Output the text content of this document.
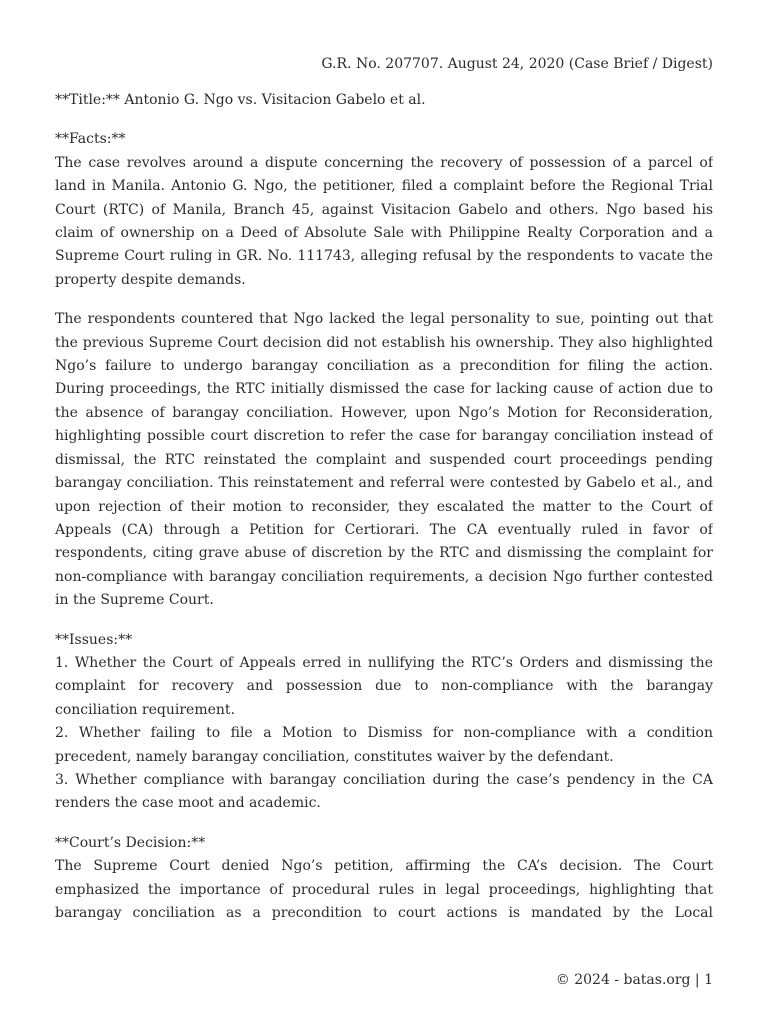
G.R. No. 207707. August 24, 2020 (Case Brief / Digest)

**Title:** Antonio G. Ngo vs. Visitacion Gabelo et al.

**Facts:**

The case revolves around a dispute concerning the recovery of possession of a parcel of land in Manila. Antonio G. Ngo, the petitioner, filed a complaint before the Regional Trial Court (RTC) of Manila, Branch 45, against Visitacion Gabelo and others. Ngo based his claim of ownership on a Deed of Absolute Sale with Philippine Realty Corporation and a Supreme Court ruling in GR. No. 111743, alleging refusal by the respondents to vacate the property despite demands.

The respondents countered that Ngo lacked the legal personality to sue, pointing out that the previous Supreme Court decision did not establish his ownership. They also highlighted Ngo’s failure to undergo barangay conciliation as a precondition for filing the action. During proceedings, the RTC initially dismissed the case for lacking cause of action due to the absence of barangay conciliation. However, upon Ngo’s Motion for Reconsideration, highlighting possible court discretion to refer the case for barangay conciliation instead of dismissal, the RTC reinstated the complaint and suspended court proceedings pending barangay conciliation. This reinstatement and referral were contested by Gabelo et al., and upon rejection of their motion to reconsider, they escalated the matter to the Court of Appeals (CA) through a Petition for Certiorari. The CA eventually ruled in favor of respondents, citing grave abuse of discretion by the RTC and dismissing the complaint for non-compliance with barangay conciliation requirements, a decision Ngo further contested in the Supreme Court.

**Issues:**

1. Whether the Court of Appeals erred in nullifying the RTC’s Orders and dismissing the complaint for recovery and possession due to non-compliance with the barangay conciliation requirement.

2. Whether failing to file a Motion to Dismiss for non-compliance with a condition precedent, namely barangay conciliation, constitutes waiver by the defendant.

3. Whether compliance with barangay conciliation during the case’s pendency in the CA renders the case moot and academic.

**Court’s Decision:**

The Supreme Court denied Ngo’s petition, affirming the CA’s decision. The Court emphasized the importance of procedural rules in legal proceedings, highlighting that barangay conciliation as a precondition to court actions is mandated by the Local

© 2024 - batas.org | 1
